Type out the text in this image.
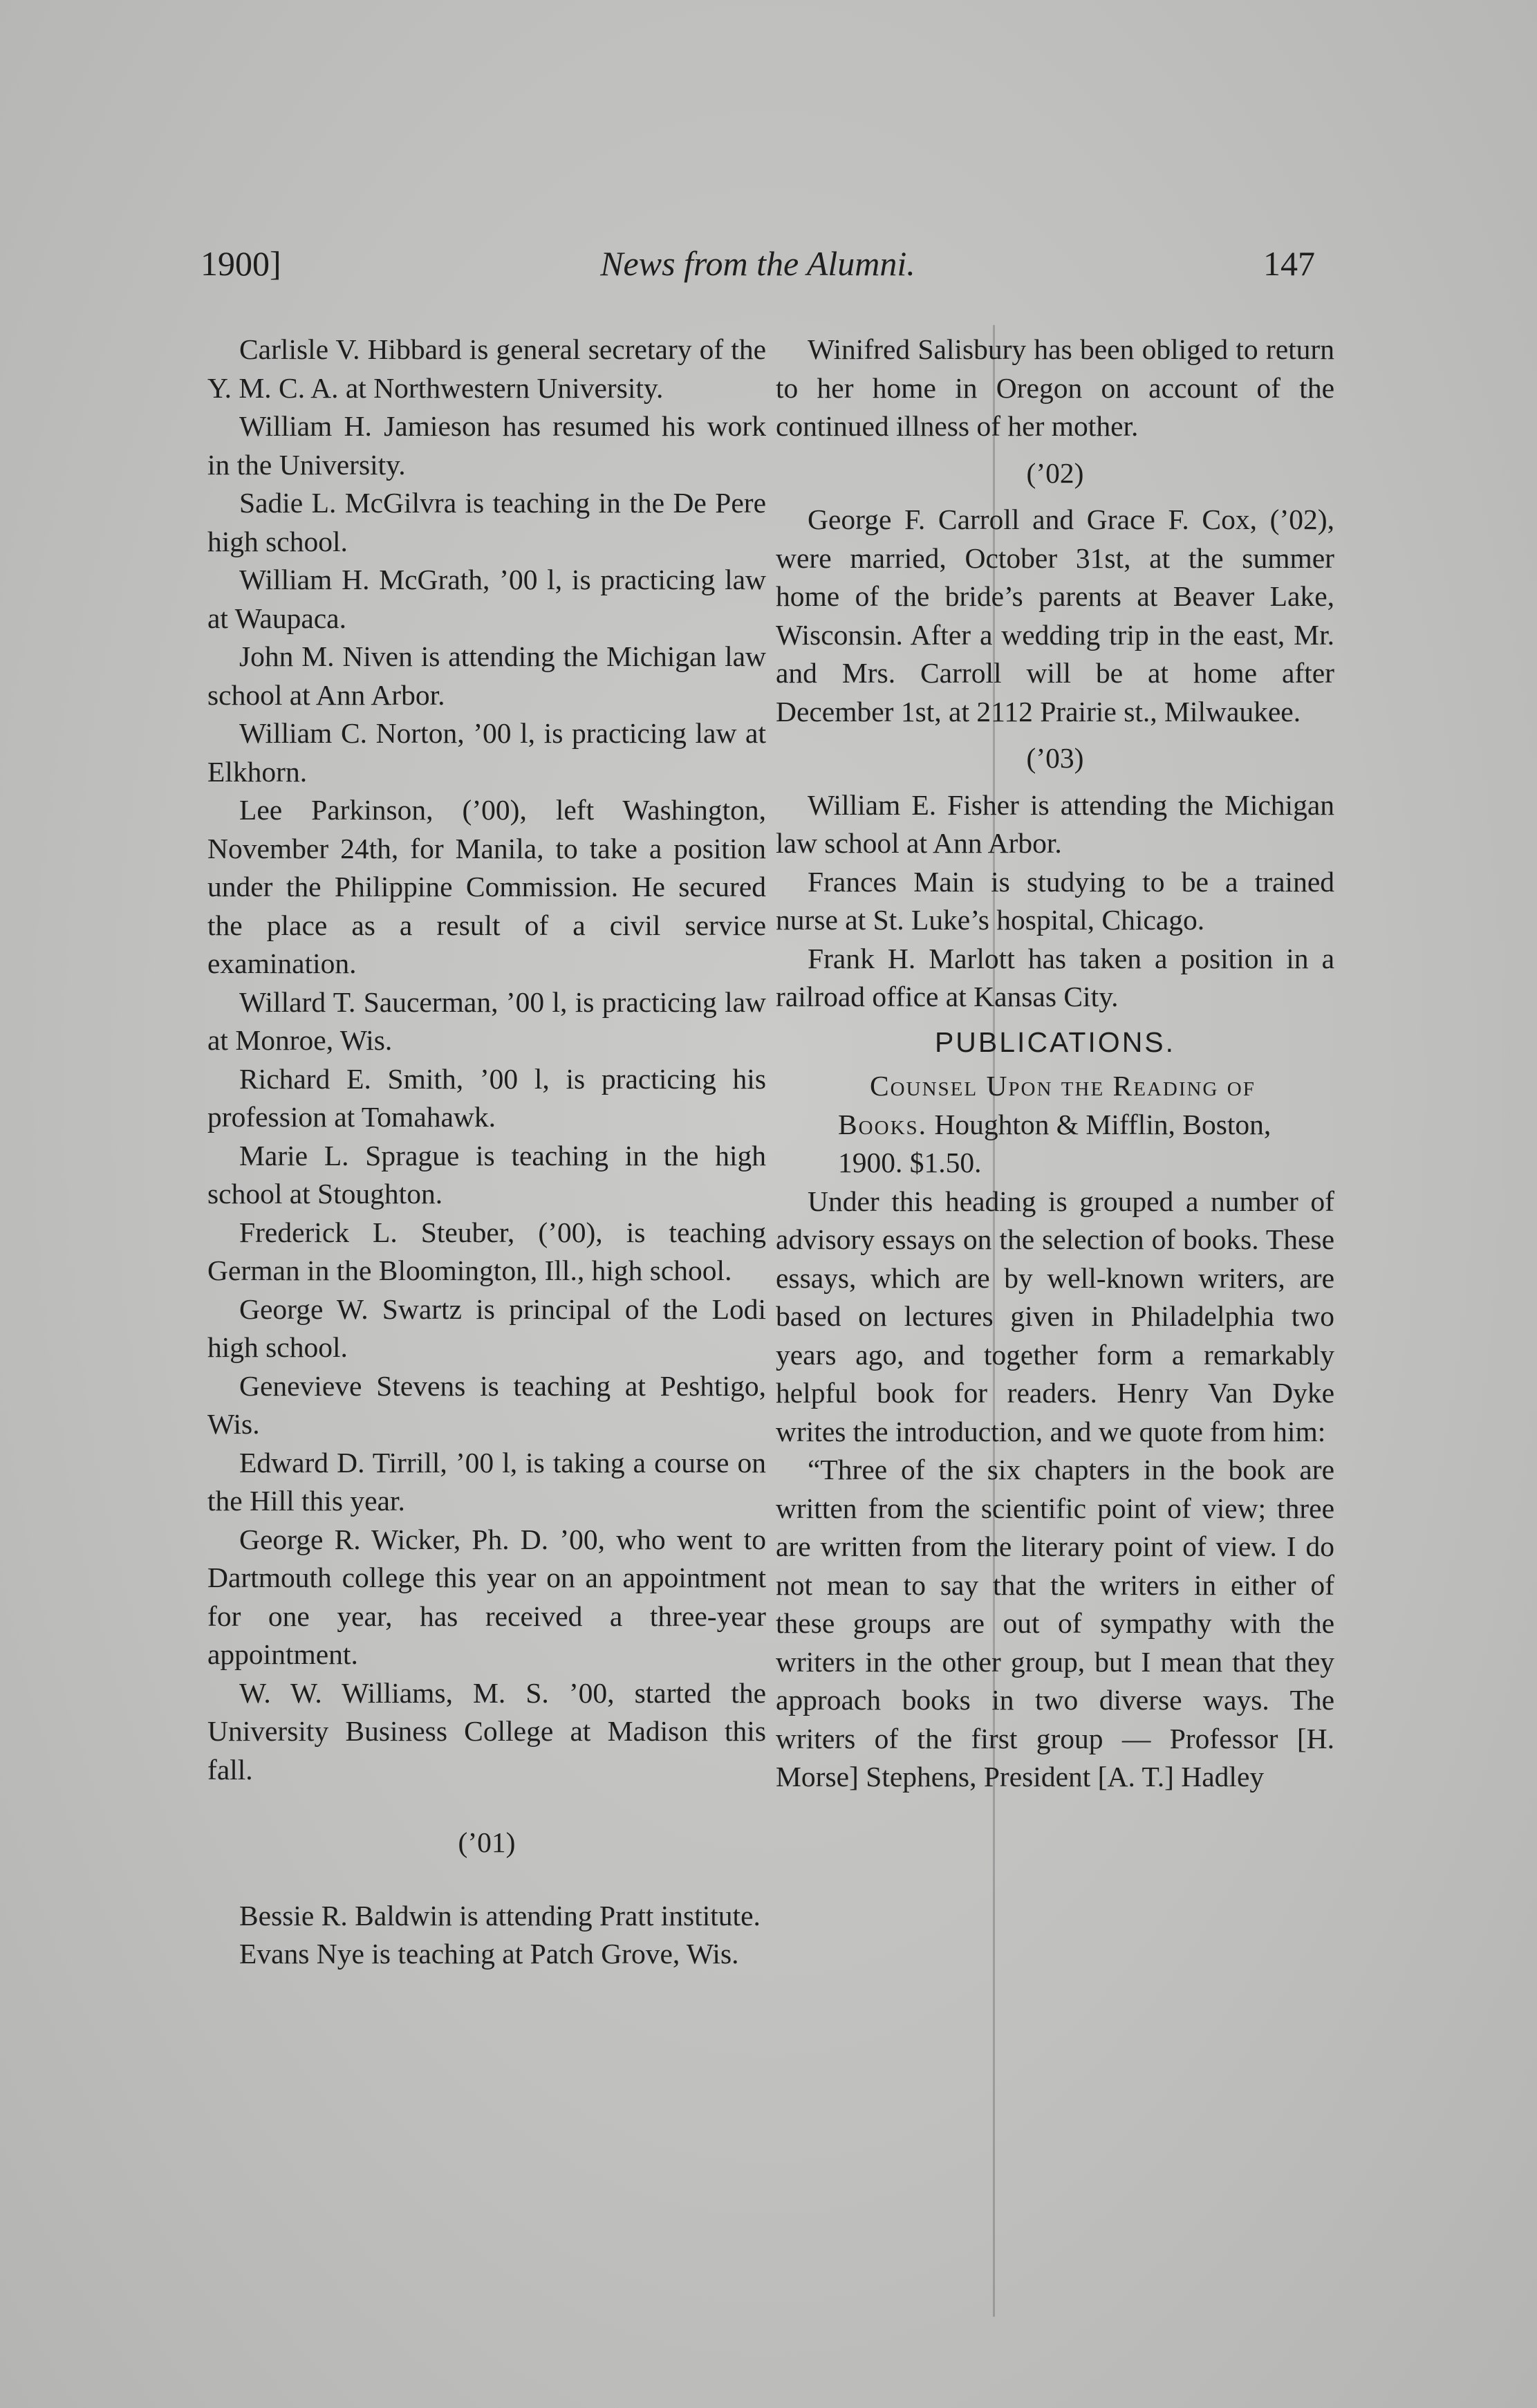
1900]	News from the Alumni.	147

Carlisle V. Hibbard is general secretary of the Y. M. C. A. at Northwestern University.

William H. Jamieson has resumed his work in the University.

Sadie L. McGilvra is teaching in the De Pere high school.

William H. McGrath, ’00 l, is practicing law at Waupaca.

John M. Niven is attending the Michigan law school at Ann Arbor.

William C. Norton, ’00 l, is practicing law at Elkhorn.

Lee Parkinson, (’00), left Washington, November 24th, for Manila, to take a position under the Philippine Commission. He secured the place as a result of a civil service examination.

Willard T. Saucerman, ’00 l, is practicing law at Monroe, Wis.

Richard E. Smith, ’00 l, is practicing his profession at Tomahawk.

Marie L. Sprague is teaching in the high school at Stoughton.

Frederick L. Steuber, (’00), is teaching German in the Bloomington, Ill., high school.

George W. Swartz is principal of the Lodi high school.

Genevieve Stevens is teaching at Peshtigo, Wis.

Edward D. Tirrill, ’00 l, is taking a course on the Hill this year.

George R. Wicker, Ph. D. ’00, who went to Dartmouth college this year on an appointment for one year, has received a three-year appointment.

W. W. Williams, M. S. ’00, started the University Business College at Madison this fall.

(’01)

Bessie R. Baldwin is attending Pratt institute.

Evans Nye is teaching at Patch Grove, Wis.

Winifred Salisbury has been obliged to return to her home in Oregon on account of the continued illness of her mother.

(’02)

George F. Carroll and Grace F. Cox, (’02), were married, October 31st, at the summer home of the bride’s parents at Beaver Lake, Wisconsin. After a wedding trip in the east, Mr. and Mrs. Carroll will be at home after December 1st, at 2112 Prairie st., Milwaukee.

(’03)

William E. Fisher is attending the Michigan law school at Ann Arbor.

Frances Main is studying to be a trained nurse at St. Luke’s hospital, Chicago.

Frank H. Marlott has taken a position in a railroad office at Kansas City.

PUBLICATIONS.

Counsel Upon the Reading of Books. Houghton & Mifflin, Boston, 1900. $1.50.

Under this heading is grouped a number of advisory essays on the selection of books. These essays, which are by well-known writers, are based on lectures given in Philadelphia two years ago, and together form a remarkably helpful book for readers. Henry Van Dyke writes the introduction, and we quote from him:

“Three of the six chapters in the book are written from the scientific point of view; three are written from the literary point of view. I do not mean to say that the writers in either of these groups are out of sympathy with the writers in the other group, but I mean that they approach books in two diverse ways. The writers of the first group — Professor [H. Morse] Stephens, President [A. T.] Hadley
